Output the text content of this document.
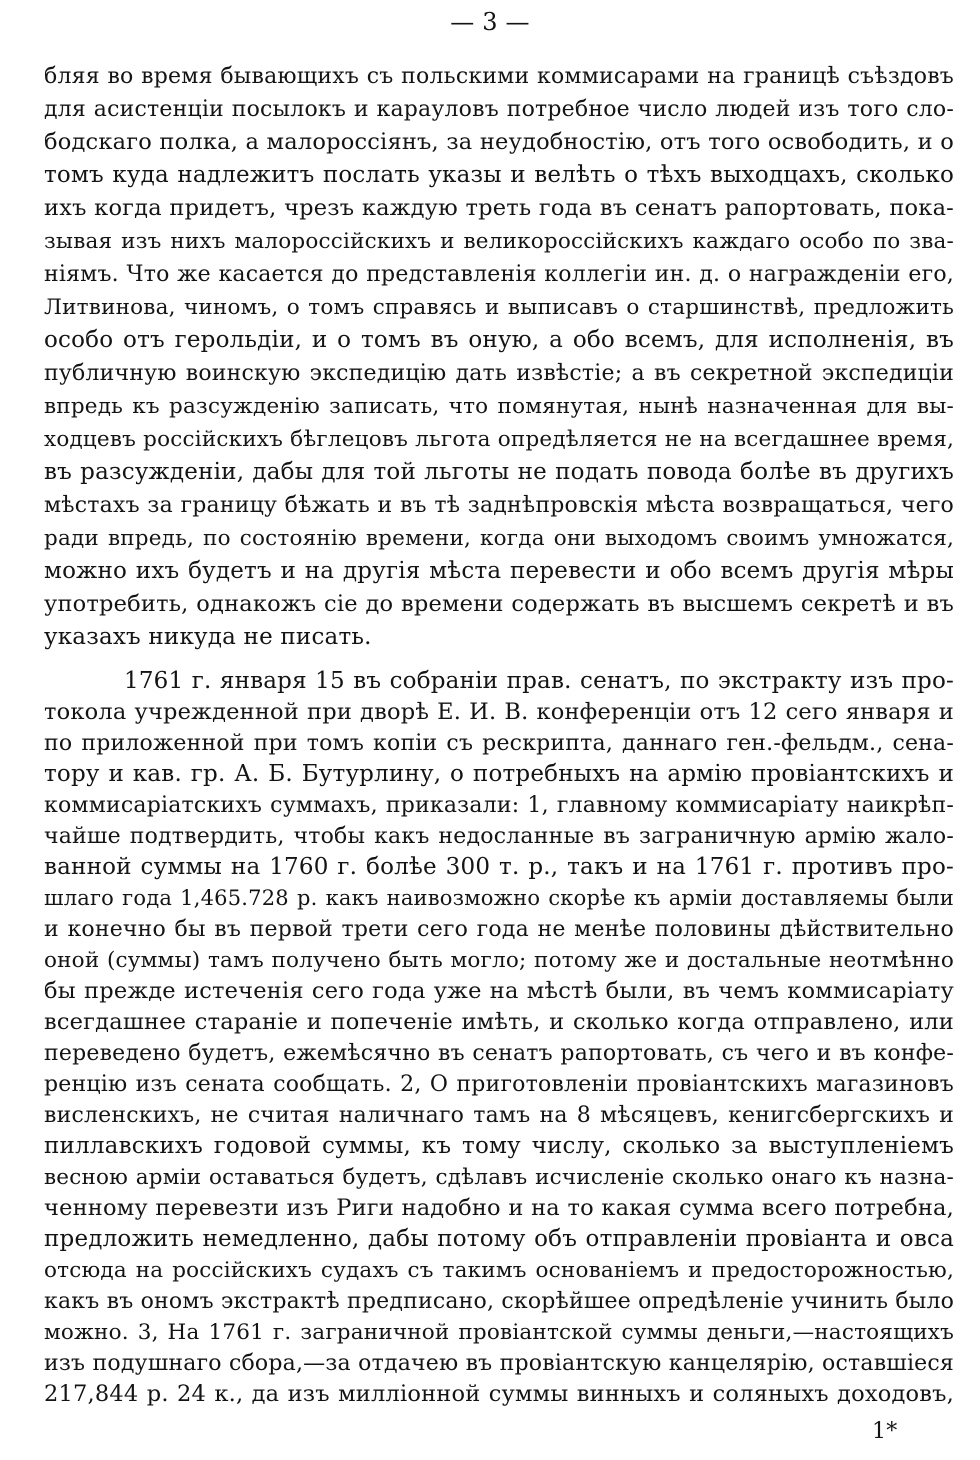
— 3 —
бляя во время бывающихъ съ польскими коммисарами на границѣ съѣздовъ
для асистенціи посылокъ и карауловъ потребное число людей изъ того сло-
бодскаго полка, а малороссіянъ, за неудобностію, отъ того освободить, и о
томъ куда надлежитъ послать указы и велѣть о тѣхъ выходцахъ, сколько
ихъ когда придетъ, чрезъ каждую треть года въ сенатъ рапортовать, пока-
зывая изъ нихъ малороссійскихъ и великороссійскихъ каждаго особо по зва-
ніямъ. Что же касается до представленія коллегіи ин. д. о награжденіи его,
Литвинова, чиномъ, о томъ справясь и выписавъ о старшинствѣ, предложить
особо отъ герольдіи, и о томъ въ оную, а обо всемъ, для исполненія, въ
публичную воинскую экспедицію дать извѣстіе; а въ секретной экспедиціи
впредь къ разсужденію записать, что помянутая, нынѣ назначенная для вы-
ходцевъ россійскихъ бѣглецовъ льгота опредѣляется не на всегдашнее время,
въ разсужденіи, дабы для той льготы не подать повода болѣе въ другихъ
мѣстахъ за границу бѣжать и въ тѣ заднѣпровскія мѣста возвращаться, чего
ради впредь, по состоянію времени, когда они выходомъ своимъ умножатся,
можно ихъ будетъ и на другія мѣста перевести и обо всемъ другія мѣры
употребить, однакожъ сіе до времени содержать въ высшемъ секретѣ и въ
указахъ никуда не писать.
1761 г. января 15 въ собраніи прав. сенатъ, по экстракту изъ про-
токола учрежденной при дворѣ Е. И. В. конференціи отъ 12 сего января и
по приложенной при томъ копіи съ рескрипта, даннаго ген.-фельдм., сена-
тору и кав. гр. А. Б. Бутурлину, о потребныхъ на армію провіантскихъ и
коммисаріатскихъ суммахъ, приказали: 1, главному коммисаріату наикрѣп-
чайше подтвердить, чтобы какъ недосланные въ заграничную армію жало-
ванной суммы на 1760 г. болѣе 300 т. р., такъ и на 1761 г. противъ про-
шлаго года 1,465.728 р. какъ наивозможно скорѣе къ арміи доставляемы были
и конечно бы въ первой трети сего года не менѣе половины дѣйствительно
оной (суммы) тамъ получено быть могло; потому же и достальные неотмѣнно
бы прежде истеченія сего года уже на мѣстѣ были, въ чемъ коммисаріату
всегдашнее стараніе и попеченіе имѣть, и сколько когда отправлено, или
переведено будетъ, ежемѣсячно въ сенатъ рапортовать, съ чего и въ конфе-
ренцію изъ сената сообщать. 2, О приготовленіи провіантскихъ магазиновъ
висленскихъ, не считая наличнаго тамъ на 8 мѣсяцевъ, кенигсбергскихъ и
пиллавскихъ годовой суммы, къ тому числу, сколько за выступленіемъ
весною арміи оставаться будетъ, сдѣлавъ исчисленіе сколько онаго къ назна-
ченному перевезти изъ Риги надобно и на то какая сумма всего потребна,
предложить немедленно, дабы потому объ отправленіи провіанта и овса
отсюда на россійскихъ судахъ съ такимъ основаніемъ и предосторожностью,
какъ въ ономъ экстрактѣ предписано, скорѣйшее опредѣленіе учинить было
можно. 3, На 1761 г. заграничной провіантской суммы деньги,—настоящихъ
изъ подушнаго сбора,—за отдачею въ провіантскую канцелярію, оставшіеся
217,844 р. 24 к., да изъ милліонной суммы винныхъ и соляныхъ доходовъ,
1*
